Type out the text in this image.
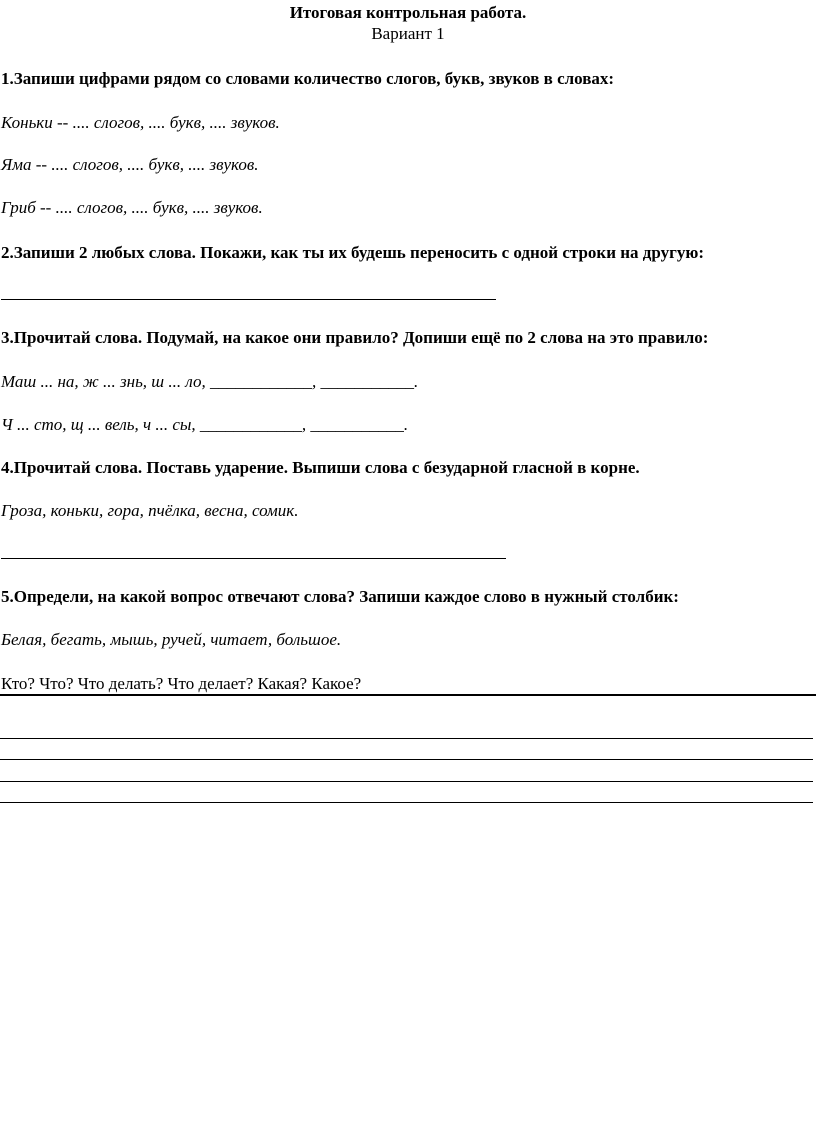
Итоговая контрольная работа.
Вариант 1
1.Запиши цифрами рядом со словами количество слогов, букв, звуков в словах:
Коньки -- .... слогов, .... букв, .... звуков.
Яма -- .... слогов, .... букв, .... звуков.
Гриб -- .... слогов, .... букв, .... звуков.
2.Запиши 2 любых слова. Покажи, как ты их будешь переносить с одной строки на другую:
3.Прочитай слова. Подумай, на какое они правило? Допиши ещё по 2 слова на это правило:
Маш ... на, ж ... знь, ш ... ло, ____________, ___________.
Ч ... сто, щ ... вель, ч ... сы, ____________, ___________.
4.Прочитай слова. Поставь ударение. Выпиши слова с безударной гласной в корне.
Гроза, коньки, гора, пчёлка, весна, сомик.
5.Определи, на какой вопрос отвечают слова? Запиши каждое слово в нужный столбик:
Белая, бегать, мышь, ручей, читает, большое.
Кто? Что? Что делать? Что делает? Какая? Какое?
